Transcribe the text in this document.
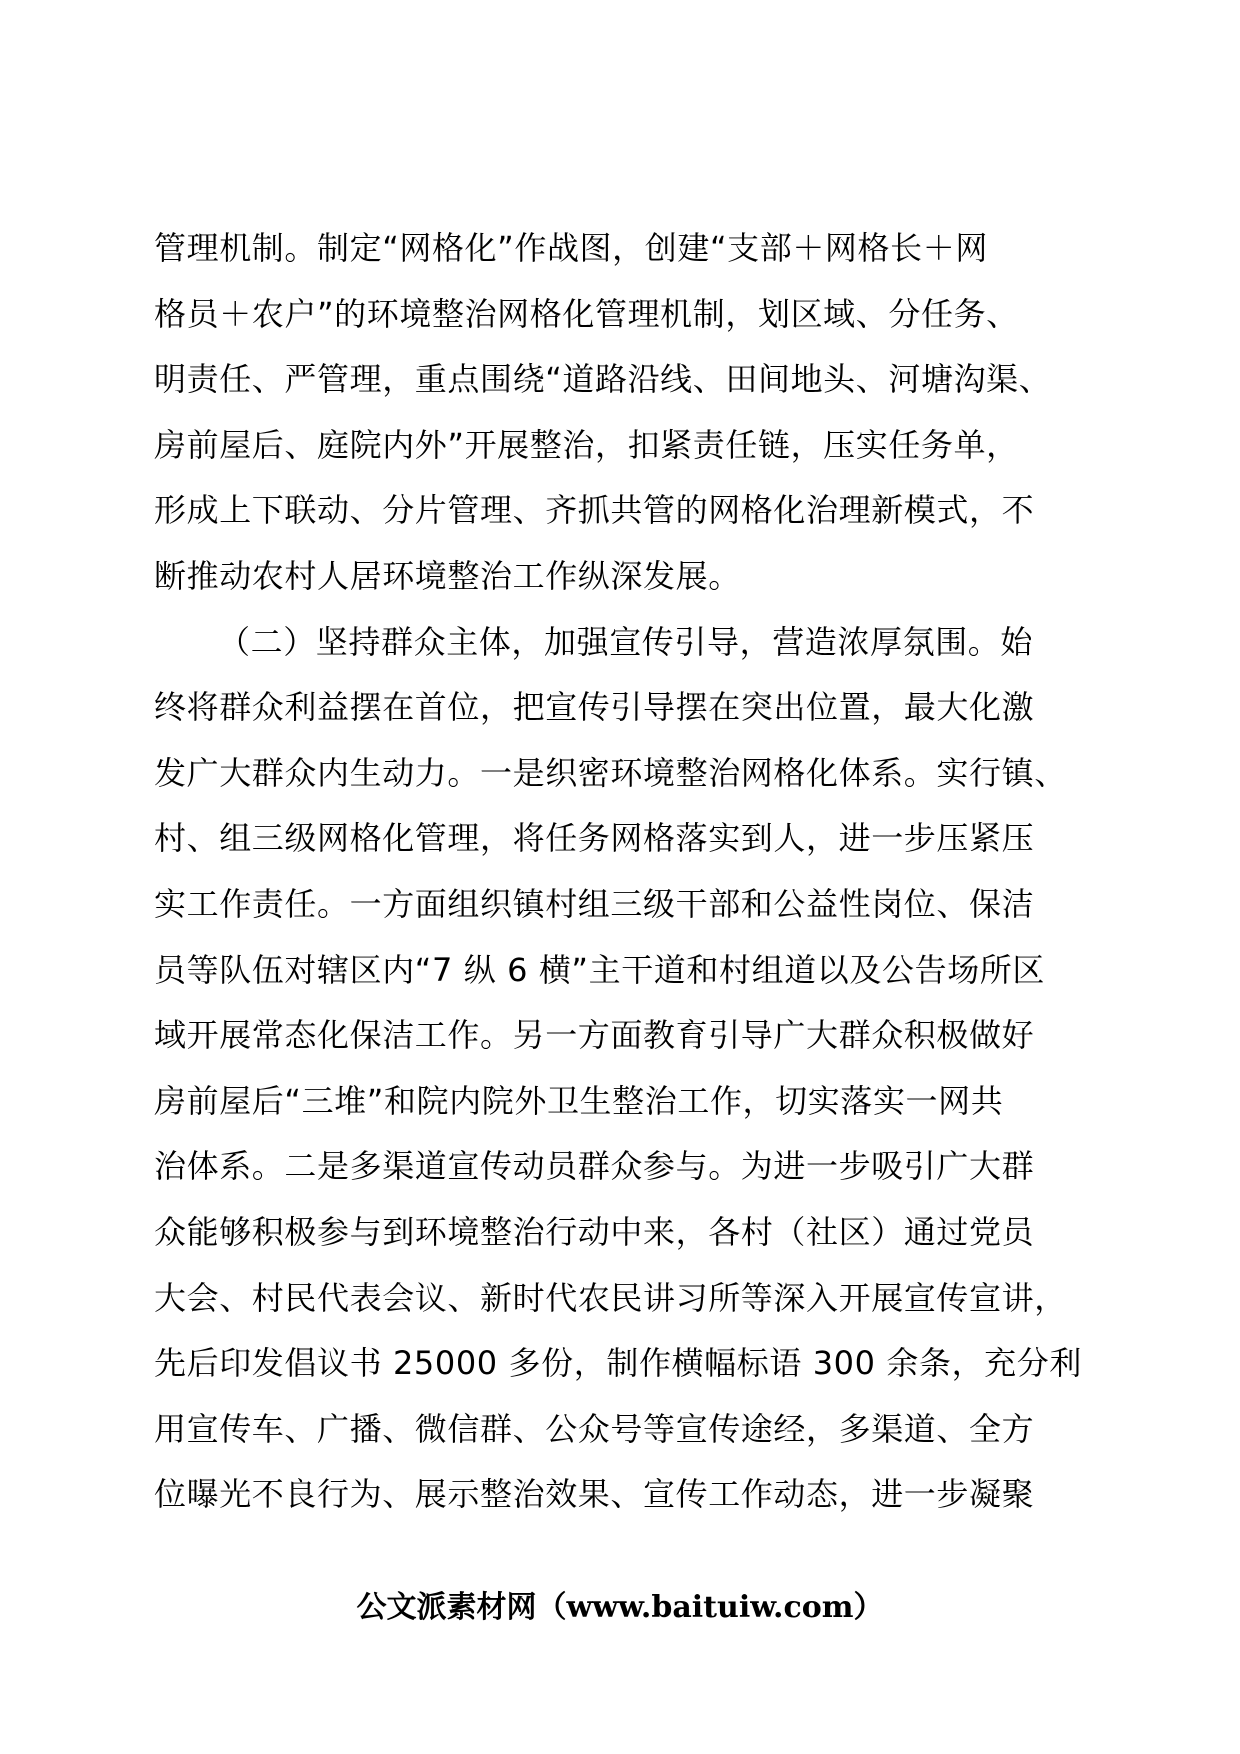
管理机制。制定“网格化”作战图，创建“支部＋网格长＋网
格员＋农户”的环境整治网格化管理机制，划区域、分任务、
明责任、严管理，重点围绕“道路沿线、田间地头、河塘沟渠、
房前屋后、庭院内外”开展整治，扣紧责任链，压实任务单，
形成上下联动、分片管理、齐抓共管的网格化治理新模式，不
断推动农村人居环境整治工作纵深发展。
（二）坚持群众主体，加强宣传引导，营造浓厚氛围。始
终将群众利益摆在首位，把宣传引导摆在突出位置，最大化激
发广大群众内生动力。一是织密环境整治网格化体系。实行镇、
村、组三级网格化管理，将任务网格落实到人，进一步压紧压
实工作责任。一方面组织镇村组三级干部和公益性岗位、保洁
员等队伍对辖区内“7 纵 6 横”主干道和村组道以及公告场所区
域开展常态化保洁工作。另一方面教育引导广大群众积极做好
房前屋后“三堆”和院内院外卫生整治工作，切实落实一网共
治体系。二是多渠道宣传动员群众参与。为进一步吸引广大群
众能够积极参与到环境整治行动中来，各村（社区）通过党员
大会、村民代表会议、新时代农民讲习所等深入开展宣传宣讲，
先后印发倡议书 25000 多份，制作横幅标语 300 余条，充分利
用宣传车、广播、微信群、公众号等宣传途经，多渠道、全方
位曝光不良行为、展示整治效果、宣传工作动态，进一步凝聚
公文派素材网（www.baituiw.com）
